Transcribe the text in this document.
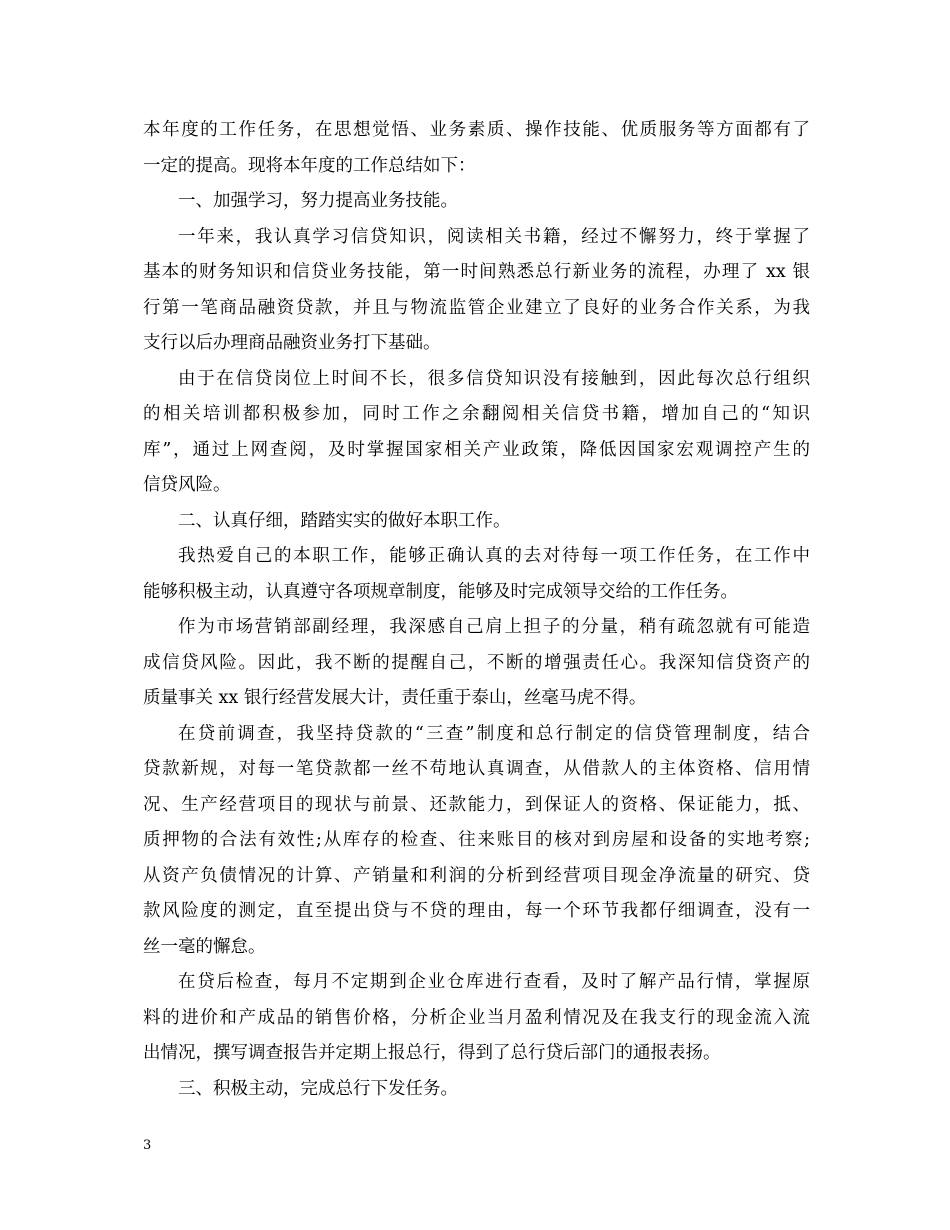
本年度的工作任务，在思想觉悟、业务素质、操作技能、优质服务等方面都有了
一定的提高。现将本年度的工作总结如下：
一、加强学习，努力提高业务技能。
一年来，我认真学习信贷知识，阅读相关书籍，经过不懈努力，终于掌握了
基本的财务知识和信贷业务技能，第一时间熟悉总行新业务的流程，办理了 xx 银
行第一笔商品融资贷款，并且与物流监管企业建立了良好的业务合作关系，为我
支行以后办理商品融资业务打下基础。
由于在信贷岗位上时间不长，很多信贷知识没有接触到，因此每次总行组织
的相关培训都积极参加，同时工作之余翻阅相关信贷书籍，增加自己的“知识
库”，通过上网查阅，及时掌握国家相关产业政策，降低因国家宏观调控产生的
信贷风险。
二、认真仔细，踏踏实实的做好本职工作。
我热爱自己的本职工作，能够正确认真的去对待每一项工作任务，在工作中
能够积极主动，认真遵守各项规章制度，能够及时完成领导交给的工作任务。
作为市场营销部副经理，我深感自己肩上担子的分量，稍有疏忽就有可能造
成信贷风险。因此，我不断的提醒自己，不断的增强责任心。我深知信贷资产的
质量事关 xx 银行经营发展大计，责任重于泰山，丝毫马虎不得。
在贷前调查，我坚持贷款的“三查”制度和总行制定的信贷管理制度，结合
贷款新规，对每一笔贷款都一丝不苟地认真调查，从借款人的主体资格、信用情
况、生产经营项目的现状与前景、还款能力，到保证人的资格、保证能力，抵、
质押物的合法有效性;从库存的检查、往来账目的核对到房屋和设备的实地考察;
从资产负债情况的计算、产销量和利润的分析到经营项目现金净流量的研究、贷
款风险度的测定，直至提出贷与不贷的理由，每一个环节我都仔细调查，没有一
丝一毫的懈怠。
在贷后检查，每月不定期到企业仓库进行查看，及时了解产品行情，掌握原
料的进价和产成品的销售价格，分析企业当月盈利情况及在我支行的现金流入流
出情况，撰写调查报告并定期上报总行，得到了总行贷后部门的通报表扬。
三、积极主动，完成总行下发任务。
3
